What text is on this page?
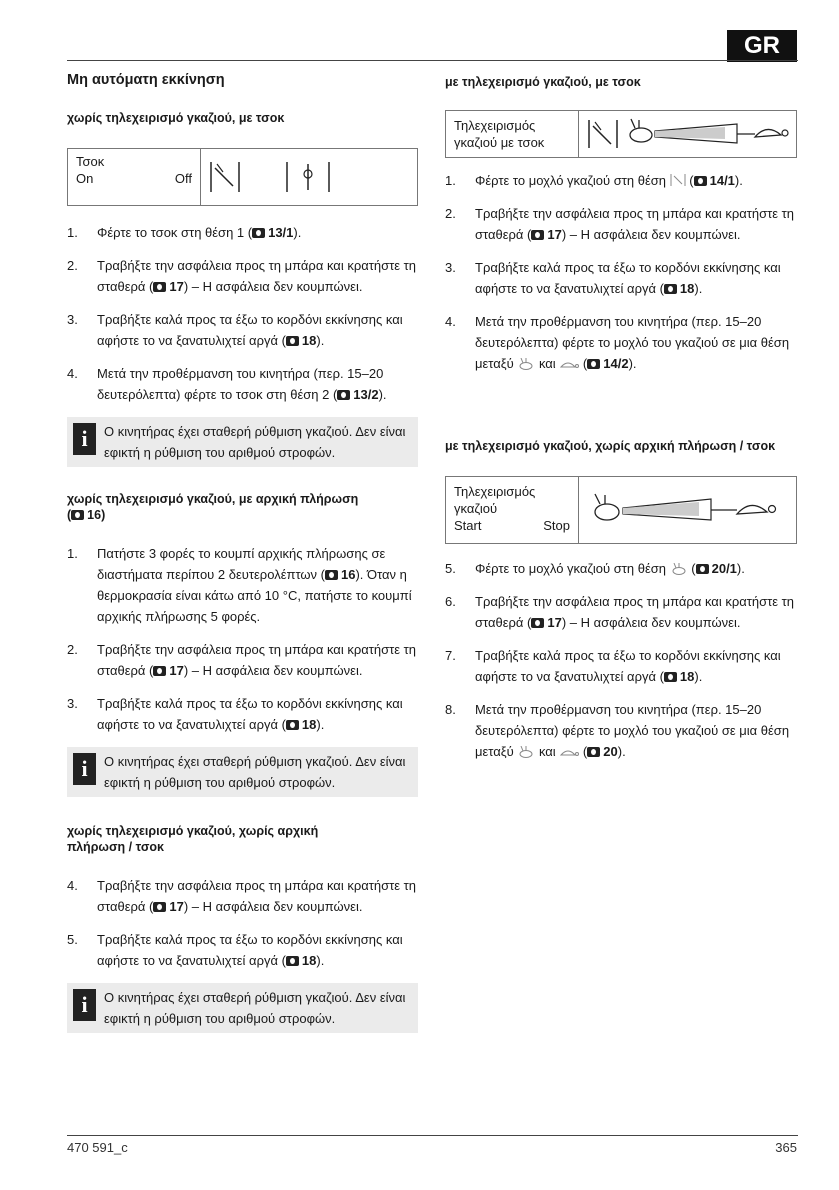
GR
Μη αυτόματη εκκίνηση
χωρίς τηλεχειρισμό γκαζιού, με τσοκ
Τσοκ
On	Off
1. Φέρτε το τσοκ στη θέση 1 ( 13/1).
2. Τραβήξτε την ασφάλεια προς τη μπάρα και κρατήστε τη σταθερά ( 17) – Η ασφάλεια δεν κουμπώνει.
3. Τραβήξτε καλά προς τα έξω το κορδόνι εκκίνησης και αφήστε το να ξανατυλιχτεί αργά ( 18).
4. Μετά την προθέρμανση του κινητήρα (περ. 15–20 δευτερόλεπτα) φέρτε το τσοκ στη θέση 2 ( 13/2).
i	Ο κινητήρας έχει σταθερή ρύθμιση γκαζιού. Δεν είναι εφικτή η ρύθμιση του αριθμού στροφών.
χωρίς τηλεχειρισμό γκαζιού, με αρχική πλήρωση
( 16)
1. Πατήστε 3 φορές το κουμπί αρχικής πλήρωσης σε διαστήματα περίπου 2 δευτερολέπτων ( 16). Όταν η θερμοκρασία είναι κάτω από 10 °C, πατήστε το κουμπί αρχικής πλήρωσης 5 φορές.
2. Τραβήξτε την ασφάλεια προς τη μπάρα και κρατήστε τη σταθερά ( 17) – Η ασφάλεια δεν κουμπώνει.
3. Τραβήξτε καλά προς τα έξω το κορδόνι εκκίνησης και αφήστε το να ξανατυλιχτεί αργά ( 18).
i	Ο κινητήρας έχει σταθερή ρύθμιση γκαζιού. Δεν είναι εφικτή η ρύθμιση του αριθμού στροφών.
χωρίς τηλεχειρισμό γκαζιού, χωρίς αρχική πλήρωση / τσοκ
4. Τραβήξτε την ασφάλεια προς τη μπάρα και κρατήστε τη σταθερά ( 17) – Η ασφάλεια δεν κουμπώνει.
5. Τραβήξτε καλά προς τα έξω το κορδόνι εκκίνησης και αφήστε το να ξανατυλιχτεί αργά ( 18).
i	Ο κινητήρας έχει σταθερή ρύθμιση γκαζιού. Δεν είναι εφικτή η ρύθμιση του αριθμού στροφών.
με τηλεχειρισμό γκαζιού, με τσοκ
Τηλεχειρισμός
γκαζιού με τσοκ
1. Φέρτε το μοχλό γκαζιού στη θέση  ( 14/1).
2. Τραβήξτε την ασφάλεια προς τη μπάρα και κρατήστε τη σταθερά ( 17) – Η ασφάλεια δεν κουμπώνει.
3. Τραβήξτε καλά προς τα έξω το κορδόνι εκκίνησης και αφήστε το να ξανατυλιχτεί αργά ( 18).
4. Μετά την προθέρμανση του κινητήρα (περ. 15–20 δευτερόλεπτα) φέρτε το μοχλό του γκαζιού σε μια θέση μεταξύ και  ( 14/2).
με τηλεχειρισμό γκαζιού, χωρίς αρχική πλήρωση / τσοκ
Τηλεχειρισμός
γκαζιού
Start	Stop
5. Φέρτε το μοχλό γκαζιού στη θέση  ( 20/1).
6. Τραβήξτε την ασφάλεια προς τη μπάρα και κρατήστε τη σταθερά ( 17) – Η ασφάλεια δεν κουμπώνει.
7. Τραβήξτε καλά προς τα έξω το κορδόνι εκκίνησης και αφήστε το να ξανατυλιχτεί αργά ( 18).
8. Μετά την προθέρμανση του κινητήρα (περ. 15–20 δευτερόλεπτα) φέρτε το μοχλό του γκαζιού σε μια θέση μεταξύ και  ( 20).
470 591_c	365
